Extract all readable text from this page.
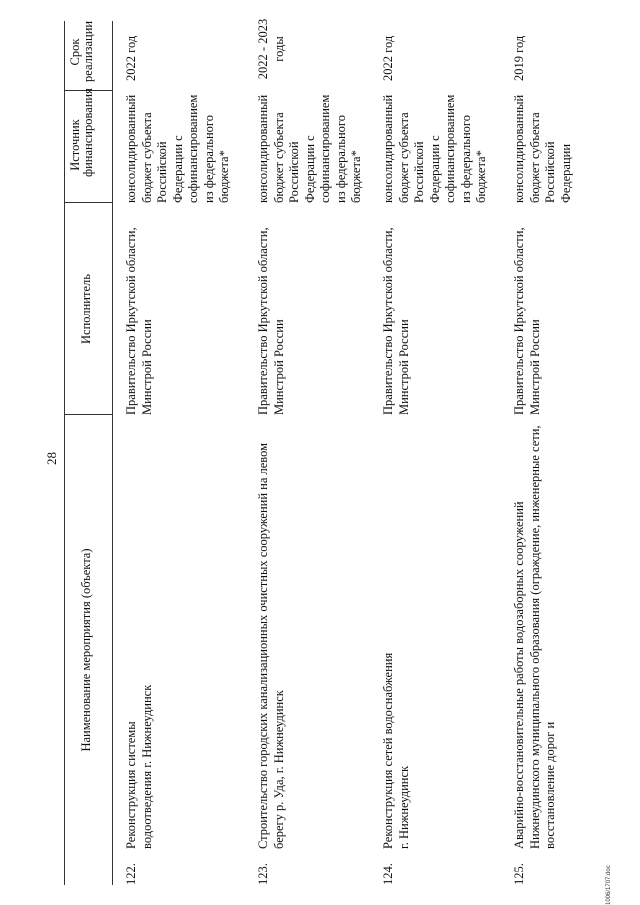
28
Наименование мероприятия (объекта)
Исполнитель
Источник финансирования
Срок реализации
122.
Реконструкция системы водоотведения г. Нижнеудинск
Правительство Иркутской области, Минстрой России
консолидированный бюджет субъекта Российской Федерации с софинансированием из федерального бюджета*
2022 год
123.
Строительство городских канализационных очистных сооружений на левом берегу р. Уда, г. Нижнеудинск
Правительство Иркутской области, Минстрой России
консолидированный бюджет субъекта Российской Федерации с софинансированием из федерального бюджета*
2022 - 2023 годы
124.
Реконструкция сетей водоснабжения г. Нижнеудинск
Правительство Иркутской области, Минстрой России
консолидированный бюджет субъекта Российской Федерации с софинансированием из федерального бюджета*
2022 год
125.
Аварийно-восстановительные работы водозаборных сооружений Нижнеудинского муниципального образования (ограждение, инженерные сети, восстановление дорог и
Правительство Иркутской области, Минстрой России
консолидированный бюджет субъекта Российской Федерации
2019 год
1006/1707.doc
